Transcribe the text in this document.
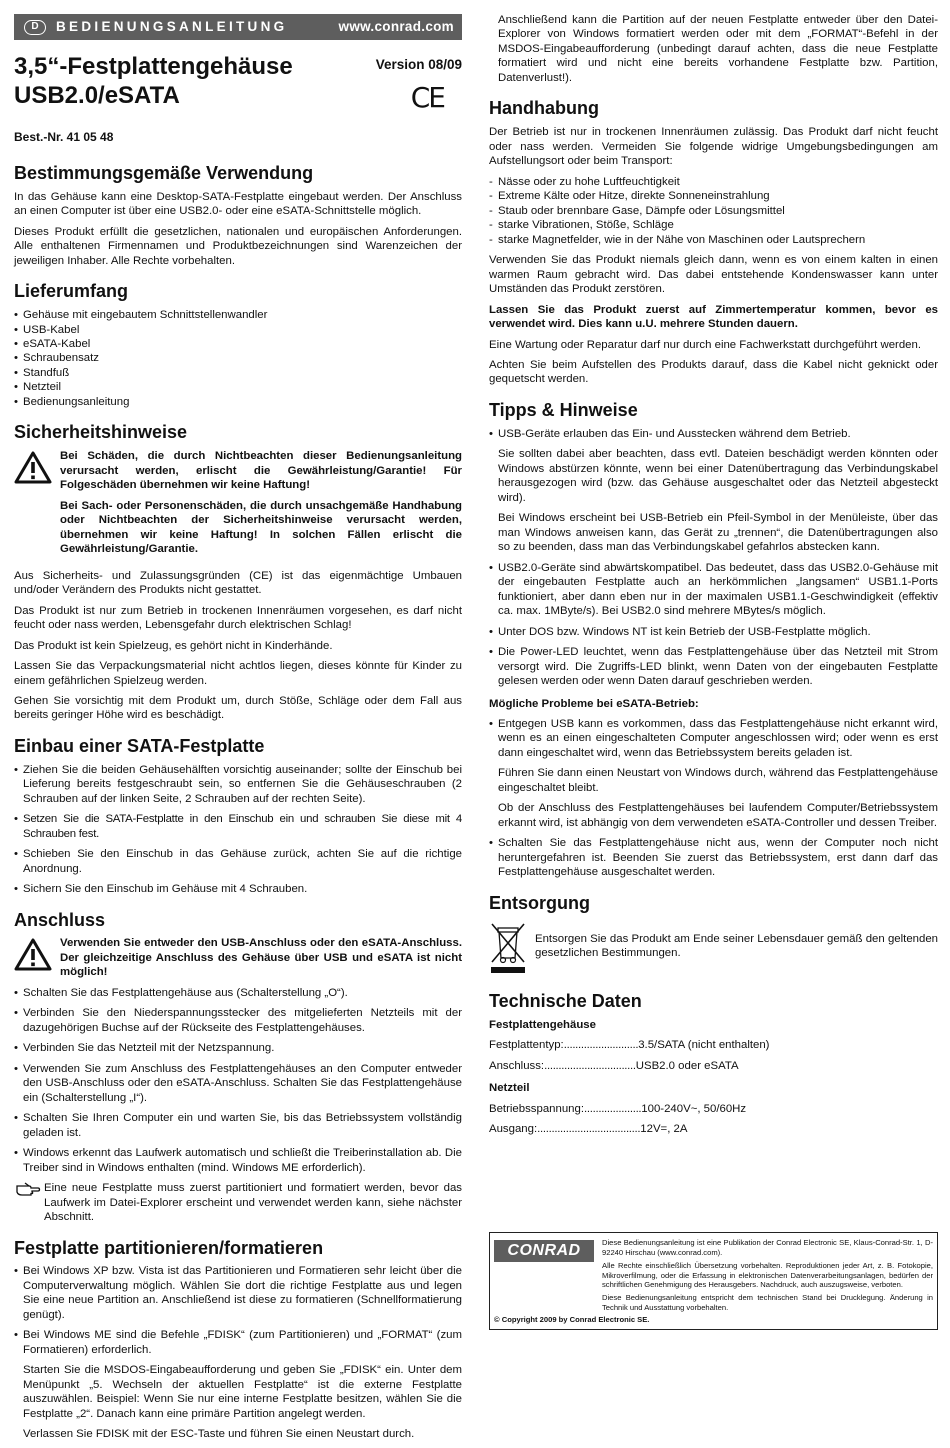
D	BEDIENUNGSANLEITUNG	www.conrad.com
3,5“-Festplattengehäuse
USB2.0/eSATA
Version 08/09
CE
Best.-Nr. 41 05 48
Bestimmungsgemäße Verwendung

In das Gehäuse kann eine Desktop-SATA-Festplatte eingebaut werden. Der Anschluss an einen Computer ist über eine USB2.0- oder eine eSATA-Schnittstelle möglich.

Dieses Produkt erfüllt die gesetzlichen, nationalen und europäischen Anforderungen. Alle enthaltenen Firmennamen und Produktbezeichnungen sind Warenzeichen der jeweiligen Inhaber. Alle Rechte vorbehalten.

Lieferumfang
• Gehäuse mit eingebautem Schnittstellenwandler
• USB-Kabel
• eSATA-Kabel
• Schraubensatz
• Standfuß
• Netzteil
• Bedienungsanleitung
Sicherheitshinweise

Bei Schäden, die durch Nichtbeachten dieser Bedienungsanleitung verursacht werden, erlischt die Gewährleistung/Garantie! Für Folgeschäden übernehmen wir keine Haftung!

Bei Sach- oder Personenschäden, die durch unsachgemäße Handhabung oder Nichtbeachten der Sicherheitshinweise verursacht werden, übernehmen wir keine Haftung! In solchen Fällen erlischt die Gewährleistung/Garantie.

Aus Sicherheits- und Zulassungsgründen (CE) ist das eigenmächtige Umbauen und/oder Verändern des Produkts nicht gestattet.

Das Produkt ist nur zum Betrieb in trockenen Innenräumen vorgesehen, es darf nicht feucht oder nass werden, Lebensgefahr durch elektrischen Schlag!

Das Produkt ist kein Spielzeug, es gehört nicht in Kinderhände.

Lassen Sie das Verpackungsmaterial nicht achtlos liegen, dieses könnte für Kinder zu einem gefährlichen Spielzeug werden.

Gehen Sie vorsichtig mit dem Produkt um, durch Stöße, Schläge oder dem Fall aus bereits geringer Höhe wird es beschädigt.

Einbau einer SATA-Festplatte
• Ziehen Sie die beiden Gehäusehälften vorsichtig auseinander; sollte der Einschub bei Lieferung bereits festgeschraubt sein, so entfernen Sie die Gehäuseschrauben (2 Schrauben auf der linken Seite, 2 Schrauben auf der rechten Seite).
• Setzen Sie die SATA-Festplatte in den Einschub ein und schrauben Sie diese mit 4 Schrauben fest.
• Schieben Sie den Einschub in das Gehäuse zurück, achten Sie auf die richtige Anordnung.
• Sichern Sie den Einschub im Gehäuse mit 4 Schrauben.
Anschluss
Verwenden Sie entweder den USB-Anschluss oder den eSATA-Anschluss. Der gleichzeitige Anschluss des Gehäuse über USB und eSATA ist nicht möglich!
• Schalten Sie das Festplattengehäuse aus (Schalterstellung „O“).
• Verbinden Sie den Niederspannungsstecker des mitgelieferten Netzteils mit der dazugehörigen Buchse auf der Rückseite des Festplattengehäuses.
• Verbinden Sie das Netzteil mit der Netzspannung.
• Verwenden Sie zum Anschluss des Festplattengehäuses an den Computer entweder den USB-Anschluss oder den eSATA-Anschluss. Schalten Sie das Festplattengehäuse ein (Schalterstellung „I“).
• Schalten Sie Ihren Computer ein und warten Sie, bis das Betriebssystem vollständig geladen ist.
• Windows erkennt das Laufwerk automatisch und schließt die Treiberinstallation ab. Die Treiber sind in Windows enthalten (mind. Windows ME erforderlich).
Eine neue Festplatte muss zuerst partitioniert und formatiert werden, bevor das Laufwerk im Datei-Explorer erscheint und verwendet werden kann, siehe nächster Abschnitt.
Festplatte partitionieren/formatieren
• Bei Windows XP bzw. Vista ist das Partitionieren und Formatieren sehr leicht über die Computerverwaltung möglich. Wählen Sie dort die richtige Festplatte aus und legen Sie eine neue Partition an. Anschließend ist diese zu formatieren (Schnellformatierung genügt).
• Bei Windows ME sind die Befehle „FDISK“ (zum Partitionieren) und „FORMAT“ (zum Formatieren) erforderlich.

Starten Sie die MSDOS-Eingabeaufforderung und geben Sie „FDISK“ ein. Unter dem Menüpunkt „5. Wechseln der aktuellen Festplatte“ ist die externe Festplatte auszuwählen. Beispiel: Wenn Sie nur eine interne Festplatte besitzen, wählen Sie die Festplatte „2“. Danach kann eine primäre Partition angelegt werden.

Verlassen Sie FDISK mit der ESC-Taste und führen Sie einen Neustart durch.

Anschließend kann die Partition auf der neuen Festplatte entweder über den Datei-Explorer von Windows formatiert werden oder mit dem „FORMAT“-Befehl in der MSDOS-Eingabeaufforderung (unbedingt darauf achten, dass die neue Festplatte formatiert wird und nicht eine bereits vorhandene Festplatte bzw. Partition, Datenverlust!).

Handhabung

Der Betrieb ist nur in trockenen Innenräumen zulässig. Das Produkt darf nicht feucht oder nass werden. Vermeiden Sie folgende widrige Umgebungsbedingungen am Aufstellungsort oder beim Transport:

- Nässe oder zu hohe Luftfeuchtigkeit
- Extreme Kälte oder Hitze, direkte Sonneneinstrahlung
- Staub oder brennbare Gase, Dämpfe oder Lösungsmittel
- starke Vibrationen, Stöße, Schläge
- starke Magnetfelder, wie in der Nähe von Maschinen oder Lautsprechern

Verwenden Sie das Produkt niemals gleich dann, wenn es von einem kalten in einen warmen Raum gebracht wird. Das dabei entstehende Kondenswasser kann unter Umständen das Produkt zerstören.

Lassen Sie das Produkt zuerst auf Zimmertemperatur kommen, bevor es verwendet wird. Dies kann u.U. mehrere Stunden dauern.

Eine Wartung oder Reparatur darf nur durch eine Fachwerkstatt durchgeführt werden.

Achten Sie beim Aufstellen des Produkts darauf, dass die Kabel nicht geknickt oder gequetscht werden.

Tipps & Hinweise
• USB-Geräte erlauben das Ein- und Ausstecken während dem Betrieb.

Sie sollten dabei aber beachten, dass evtl. Dateien beschädigt werden könnten oder Windows abstürzen könnte, wenn bei einer Datenübertragung das Verbindungskabel herausgezogen wird (bzw. das Gehäuse ausgeschaltet oder das Netzteil abgesteckt wird).

Bei Windows erscheint bei USB-Betrieb ein Pfeil-Symbol in der Menüleiste, über das man Windows anweisen kann, das Gerät zu „trennen“, die Datenübertragungen also so zu beenden, dass man das Verbindungskabel gefahrlos abstecken kann.

• USB2.0-Geräte sind abwärtskompatibel. Das bedeutet, dass das USB2.0-Gehäuse mit der eingebauten Festplatte auch an herkömmlichen „langsamen“ USB1.1-Ports funktioniert, aber dann eben nur in der maximalen USB1.1-Geschwindigkeit (effektiv ca. max. 1MByte/s). Bei USB2.0 sind mehrere MBytes/s möglich.
• Unter DOS bzw. Windows NT ist kein Betrieb der USB-Festplatte möglich.
• Die Power-LED leuchtet, wenn das Festplattengehäuse über das Netzteil mit Strom versorgt wird. Die Zugriffs-LED blinkt, wenn Daten von der eingebauten Festplatte gelesen werden oder wenn Daten darauf geschrieben werden.
Mögliche Probleme bei eSATA-Betrieb:
• Entgegen USB kann es vorkommen, dass das Festplattengehäuse nicht erkannt wird, wenn es an einen eingeschalteten Computer angeschlossen wird; oder wenn es erst dann eingeschaltet wird, wenn das Betriebssystem bereits geladen ist.

Führen Sie dann einen Neustart von Windows durch, während das Festplattengehäuse eingeschaltet bleibt.

Ob der Anschluss des Festplattengehäuses bei laufendem Computer/Betriebssystem erkannt wird, ist abhängig von dem verwendeten eSATA-Controller und dessen Treiber.

• Schalten Sie das Festplattengehäuse nicht aus, wenn der Computer noch nicht heruntergefahren ist. Beenden Sie zuerst das Betriebssystem, erst dann darf das Festplattengehäuse ausgeschaltet werden.
Entsorgung
Entsorgen Sie das Produkt am Ende seiner Lebensdauer gemäß den geltenden gesetzlichen Bestimmungen.
Technische Daten
Festplattengehäuse
Festplattentyp: .......................... 3.5/SATA (nicht enthalten)
Anschluss: ................................ USB2.0 oder eSATA
Netzteil
Betriebsspannung: .................... 100-240V~, 50/60Hz
Ausgang: .................................... 12V=, 2A
CONRAD	Diese Bedienungsanleitung ist eine Publikation der Conrad Electronic SE, Klaus-Conrad-Str. 1, D-92240 Hirschau (www.conrad.com).

Alle Rechte einschließlich Übersetzung vorbehalten. Reproduktionen jeder Art, z. B. Fotokopie, Mikroverfilmung, oder die Erfassung in elektronischen Datenverarbeitungsanlagen, bedürfen der schriftlichen Genehmigung des Herausgebers. Nachdruck, auch auszugsweise, verboten.

Diese Bedienungsanleitung entspricht dem technischen Stand bei Drucklegung. Änderung in Technik und Ausstattung vorbehalten.

© Copyright 2009 by Conrad Electronic SE.
